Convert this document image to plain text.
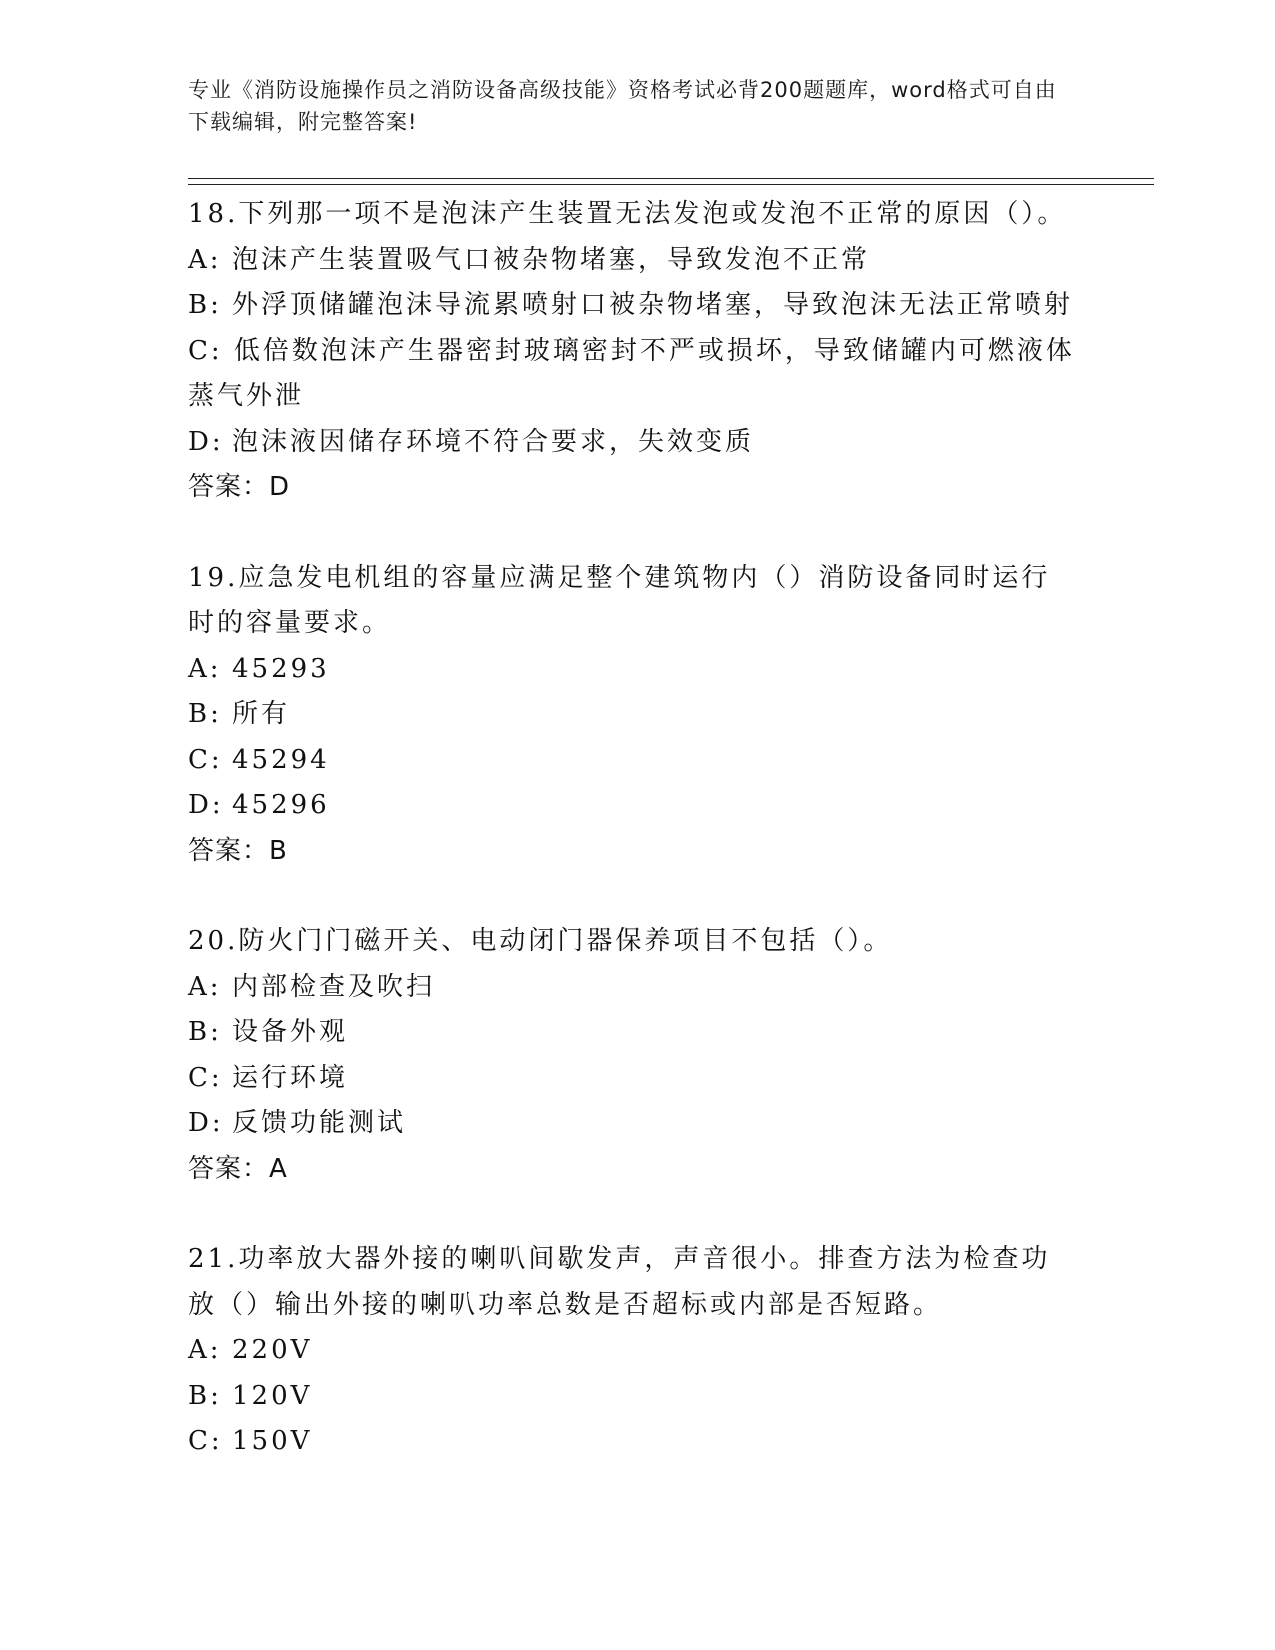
专业《消防设施操作员之消防设备高级技能》资格考试必背200题题库，word格式可自由下载编辑，附完整答案!
18.下列那一项不是泡沫产生装置无法发泡或发泡不正常的原因（）。
A: 泡沫产生装置吸气口被杂物堵塞，导致发泡不正常
B: 外浮顶储罐泡沫导流累喷射口被杂物堵塞，导致泡沫无法正常喷射
C: 低倍数泡沫产生器密封玻璃密封不严或损坏，导致储罐内可燃液体蒸气外泄
D: 泡沫液因储存环境不符合要求，失效变质
答案：D
19.应急发电机组的容量应满足整个建筑物内（）消防设备同时运行时的容量要求。
A: 45293
B: 所有
C: 45294
D: 45296
答案：B
20.防火门门磁开关、电动闭门器保养项目不包括（）。
A: 内部检查及吹扫
B: 设备外观
C: 运行环境
D: 反馈功能测试
答案：A
21.功率放大器外接的喇叭间歇发声，声音很小。排查方法为检查功放（）输出外接的喇叭功率总数是否超标或内部是否短路。
A: 220V
B: 120V
C: 150V
